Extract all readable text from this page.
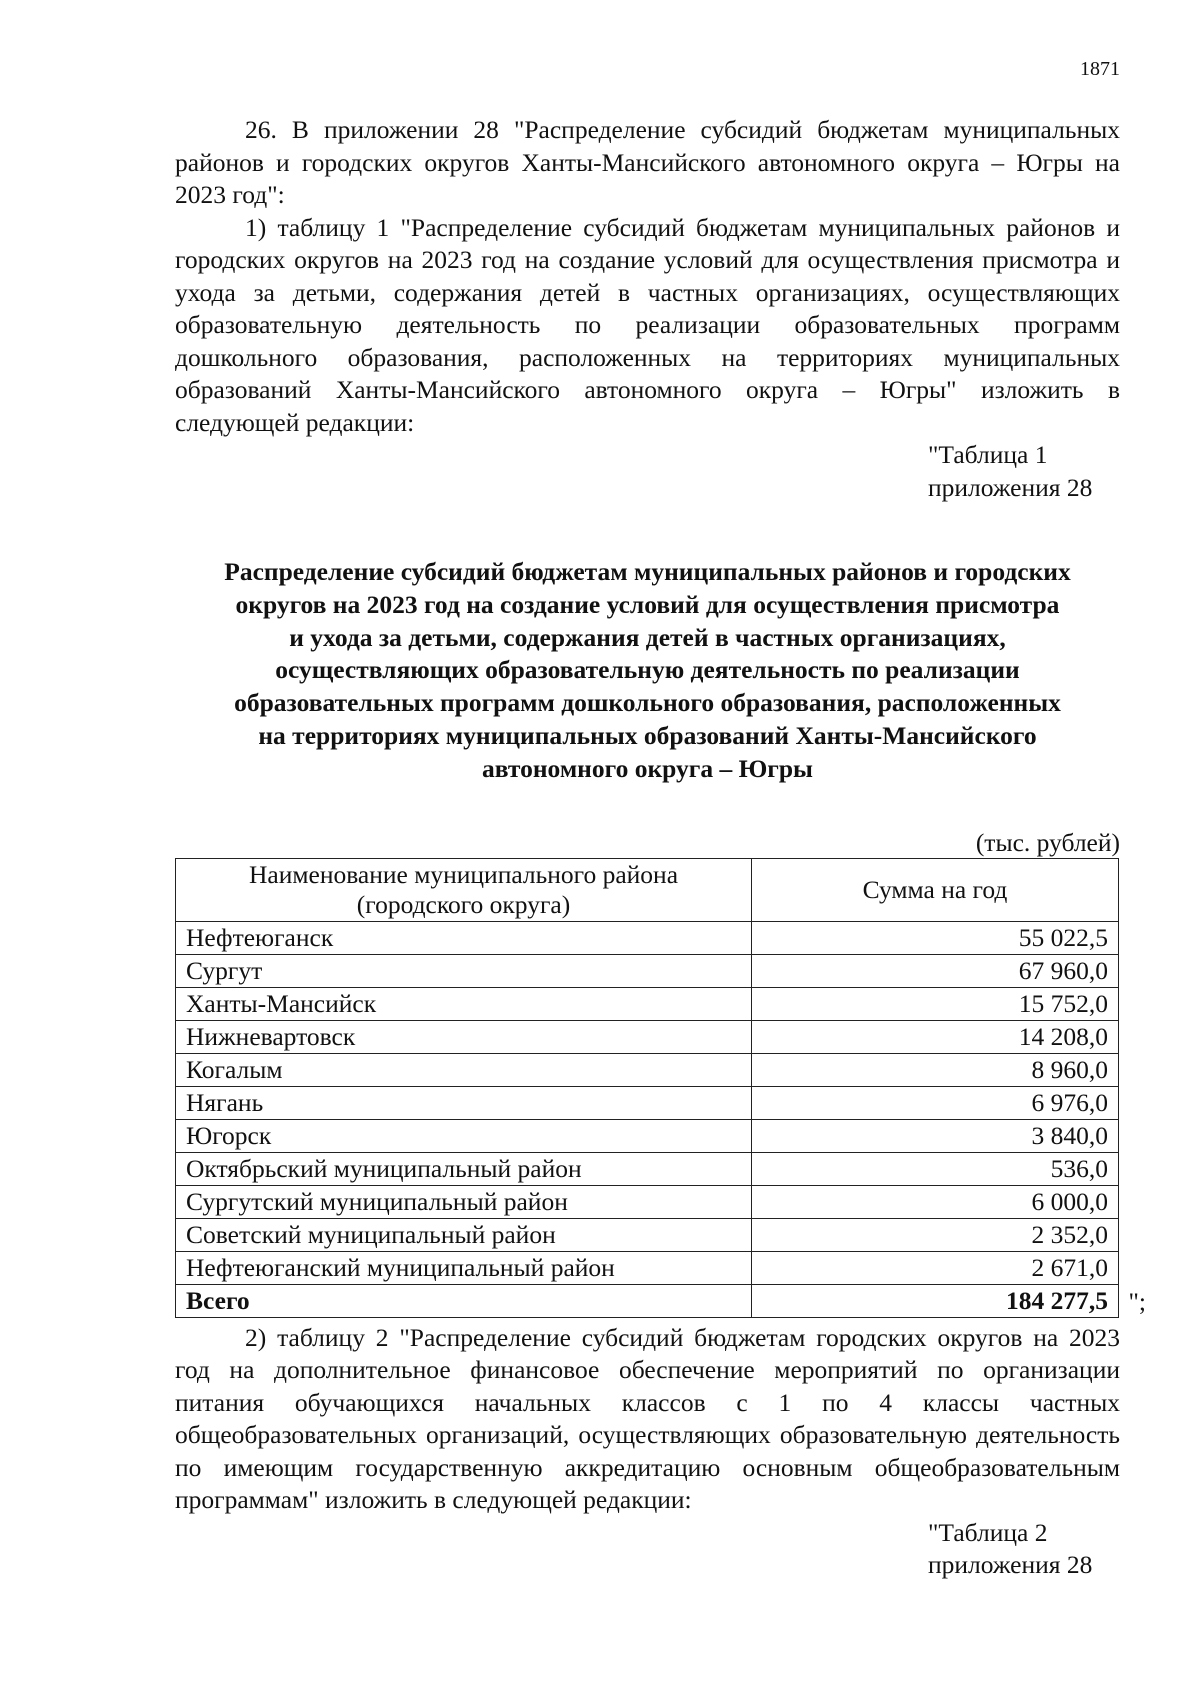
1871

26. В приложении 28 "Распределение субсидий бюджетам муниципальных районов и городских округов Ханты-Мансийского автономного округа – Югры на 2023 год":

1) таблицу 1 "Распределение субсидий бюджетам муниципальных районов и городских округов на 2023 год на создание условий для осуществления присмотра и ухода за детьми, содержания детей в частных организациях, осуществляющих образовательную деятельность по реализации образовательных программ дошкольного образования, расположенных на территориях муниципальных образований Ханты-Мансийского автономного округа – Югры" изложить в следующей редакции:

"Таблица 1

приложения 28

Распределение субсидий бюджетам муниципальных районов и городских
округов на 2023 год на создание условий для осуществления присмотра
и ухода за детьми, содержания детей в частных организациях,
осуществляющих образовательную деятельность по реализации
образовательных программ дошкольного образования, расположенных
на территориях муниципальных образований Ханты-Мансийского
автономного округа – Югры
(тыс. рублей)
Наименование муниципального района
(городского округа)	Сумма на год
Нефтеюганск	55 022,5
Сургут	67 960,0
Ханты-Мансийск	15 752,0
Нижневартовск	14 208,0
Когалым	8 960,0
Нягань	6 976,0
Югорск	3 840,0
Октябрьский муниципальный район	536,0
Сургутский муниципальный район	6 000,0
Советский муниципальный район	2 352,0
Нефтеюганский муниципальный район	2 671,0
Всего	184 277,5 ";

2) таблицу 2 "Распределение субсидий бюджетам городских округов на 2023 год на дополнительное финансовое обеспечение мероприятий по организации питания обучающихся начальных классов с 1 по 4 классы частных общеобразовательных организаций, осуществляющих образовательную деятельность по имеющим государственную аккредитацию основным общеобразовательным программам" изложить в следующей редакции:

"Таблица 2

приложения 28
